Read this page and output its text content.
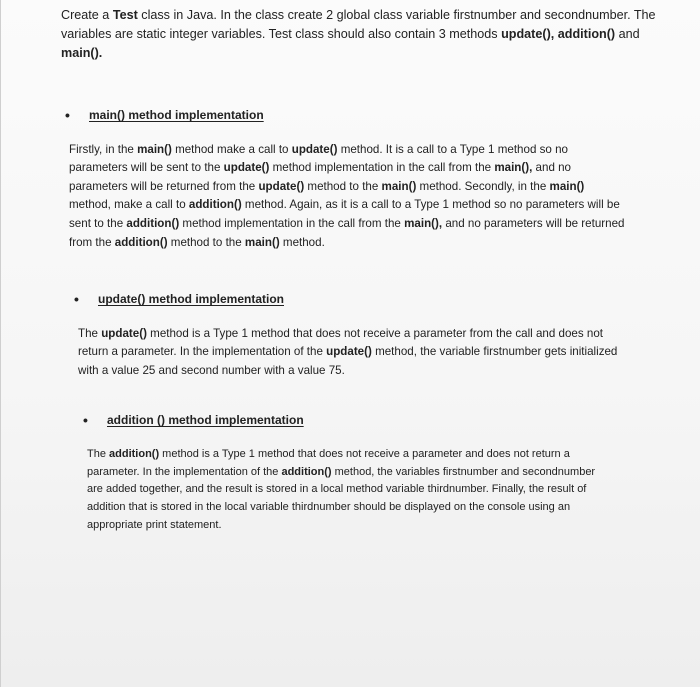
Create a Test class in Java. In the class create 2 global class variable firstnumber and secondnumber. The variables are static integer variables. Test class should also contain 3 methods update(), addition() and main().
• main() method implementation
Firstly, in the main() method make a call to update() method. It is a call to a Type 1 method so no parameters will be sent to the update() method implementation in the call from the main(), and no parameters will be returned from the update() method to the main() method. Secondly, in the main() method, make a call to addition() method. Again, as it is a call to a Type 1 method so no parameters will be sent to the addition() method implementation in the call from the main(), and no parameters will be returned from the addition() method to the main() method.
• update() method implementation
The update() method is a Type 1 method that does not receive a parameter from the call and does not return a parameter. In the implementation of the update() method, the variable firstnumber gets initialized with a value 25 and second number with a value 75.
• addition () method implementation
The addition() method is a Type 1 method that does not receive a parameter and does not return a parameter. In the implementation of the addition() method, the variables firstnumber and secondnumber are added together, and the result is stored in a local method variable thirdnumber. Finally, the result of addition that is stored in the local variable thirdnumber should be displayed on the console using an appropriate print statement.
